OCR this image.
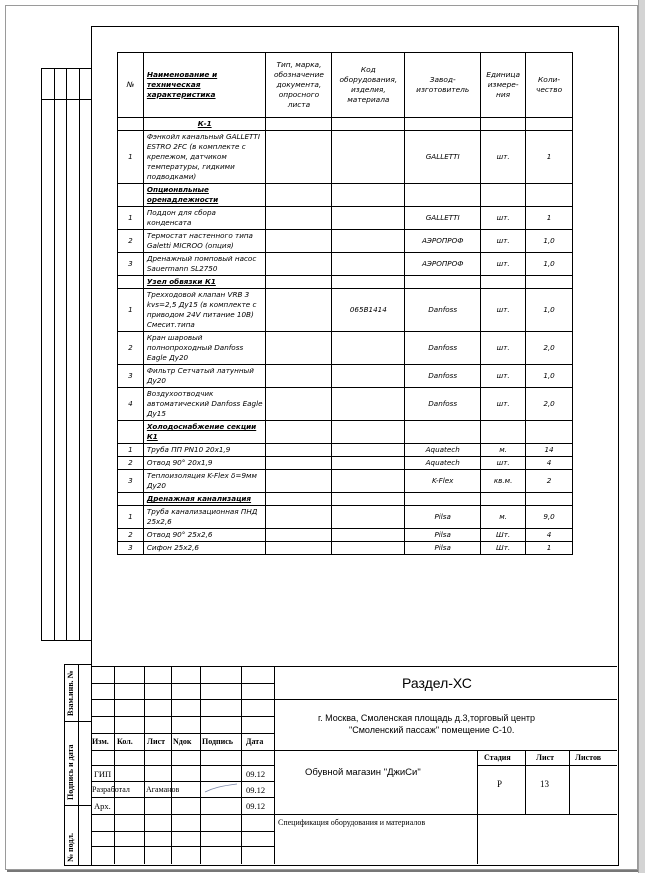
Взам.инв. №
Подпись и дата
№ подл.
№	Наименование и техническая характеристика	Тип, марка, обозначение документа, опросного листа	Код оборудования, изделия, материала	Завод-изготовитель	Единица измере-ния	Коли-чество
	К-1					
1	Фэнкойл канальный GALLETTI ESTRO 2FC (в комплекте с крепежом, датчиком температуры, гидкими подводками)			GALLETTI	шт.	1
	Опционвльные оренадлежности					
1	Поддон для сбора конденсата			GALLETTI	шт.	1
2	Термостат настенного типа Galetti MICROO (опция)			АЭРОПРОФ	шт.	1,0
3	Дренажный помповый насос Sauermann SL2750			АЭРОПРОФ	шт.	1,0
	Узел обвязки К1					
1	Трехходовой клапан VRB 3 kvs=2,5 Ду15 (в комплекте с приводом 24V питание 10В) Смесит.типа		065B1414	Danfoss	шт.	1,0
2	Кран шаровый полнопроходный Danfoss Eagle Ду20			Danfoss	шт.	2,0
3	Фильтр Сетчатый латунный Ду20			Danfoss	шт.	1,0
4	Воздухоотводчик автоматический Danfoss Eagle Ду15			Danfoss	шт.	2,0
	Холодоснабжение секции К1					
1	Труба ПП PN10 20х1,9			Aquatech	м.	14
2	Отвод 90° 20х1,9			Aquatech	шт.	4
3	Теплоизоляция K-Flex δ=9мм Ду20			K-Flex	кв.м.	2
	Дренажная канализация					
1	Труба канализационная ПНД 25х2,6			Pilsa	м.	9,0
2	Отвод 90° 25х2,6			Pilsa	Шт.	4
3	Сифон 25х2,6			Pilsa	Шт.	1
Раздел-ХС
г. Москва, Смоленская площадь д.3,торговый центр
"Смоленский пассаж" помещение С-10.
Изм. Кол. Лист Nдок Подпись Дата
ГИП	09.12
Разработал Агаманов	09.12
Арх.	09.12
Обувной магазин "ДжиСи"
Спецификация оборудования и материалов
Стадия	Лист	Листов
Р	13
